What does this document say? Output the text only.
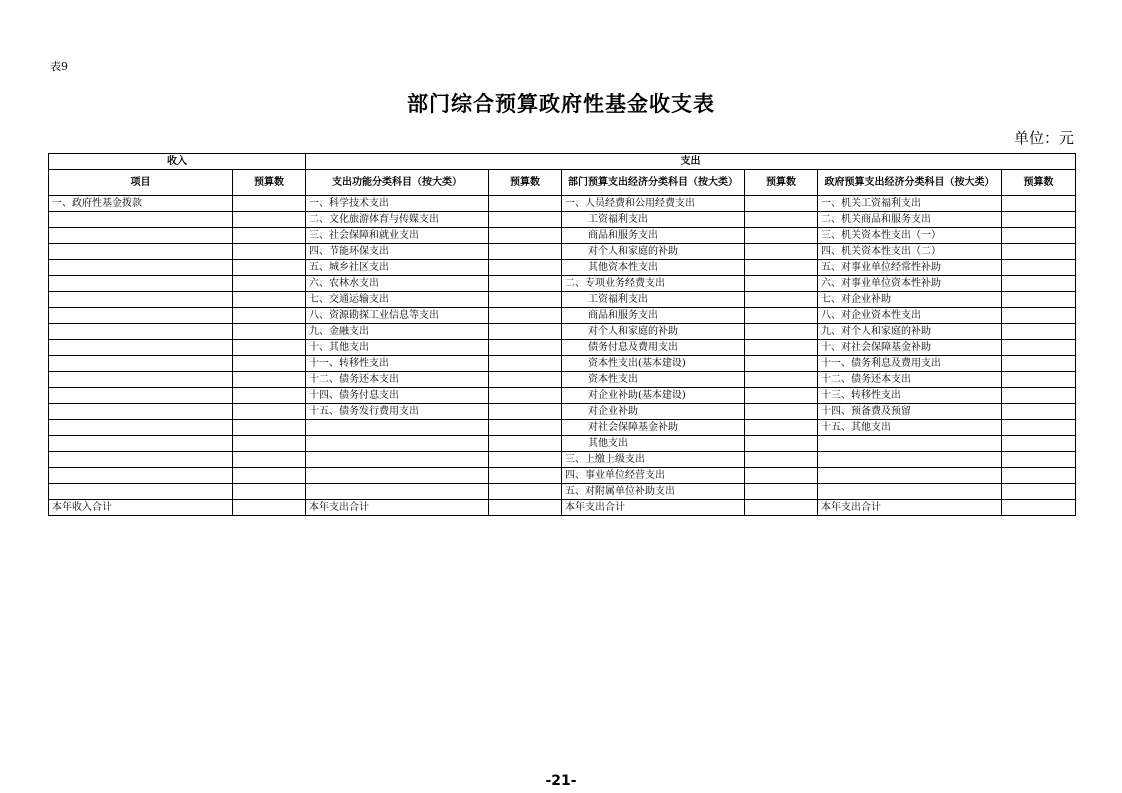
表9
部门综合预算政府性基金收支表
单位：元
收入		支出					
项目	预算数	支出功能分类科目（按大类）	预算数	部门预算支出经济分类科目（按大类）	预算数	政府预算支出经济分类科目（按大类）	预算数
一、政府性基金拨款		一、科学技术支出		一、人员经费和公用经费支出		一、机关工资福利支出	
		二、文化旅游体育与传媒支出		工资福利支出		二、机关商品和服务支出	
		三、社会保障和就业支出		商品和服务支出		三、机关资本性支出（一）	
		四、节能环保支出		对个人和家庭的补助		四、机关资本性支出（二）	
		五、城乡社区支出		其他资本性支出		五、对事业单位经常性补助	
		六、农林水支出		二、专项业务经费支出		六、对事业单位资本性补助	
		七、交通运输支出		工资福利支出		七、对企业补助	
		八、资源勘探工业信息等支出		商品和服务支出		八、对企业资本性支出	
		九、金融支出		对个人和家庭的补助		九、对个人和家庭的补助	
		十、其他支出		债务付息及费用支出		十、对社会保障基金补助	
		十一、转移性支出		资本性支出(基本建设)		十一、债务利息及费用支出	
		十二、债务还本支出		资本性支出		十二、债务还本支出	
		十四、债务付息支出		对企业补助(基本建设)		十三、转移性支出	
		十五、债务发行费用支出		对企业补助		十四、预备费及预留	
				对社会保障基金补助		十五、其他支出	
				其他支出			
				三、上缴上级支出			
				四、事业单位经营支出			
				五、对附属单位补助支出			
本年收入合计		本年支出合计		本年支出合计		本年支出合计	
-21-
